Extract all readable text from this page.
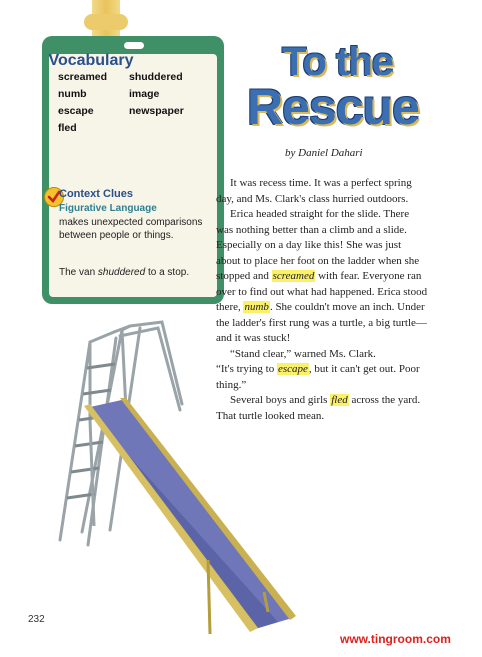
Vocabulary
screamed shuddered
numb	image
escape	newspaper
fled
Context Clues
Figurative Language
makes unexpected comparisons between people or things.
The van shuddered to a stop.
To the
Rescue
by Daniel Dahari

It was recess time. It was a perfect spring day, and Ms. Clark's class hurried outdoors.

Erica headed straight for the slide. There was nothing better than a climb and a slide. Especially on a day like this! She was just about to place her foot on the ladder when she stopped and screamed with fear. Everyone ran over to find out what had happened. Erica stood there, numb. She couldn't move an inch. Under the ladder's first rung was a turtle, a big turtle—and it was stuck!

“Stand clear,” warned Ms. Clark.

“It's trying to escape, but it can't get out. Poor thing.”

Several boys and girls fled across the yard. That turtle looked mean.

232
www.tingroom.com
